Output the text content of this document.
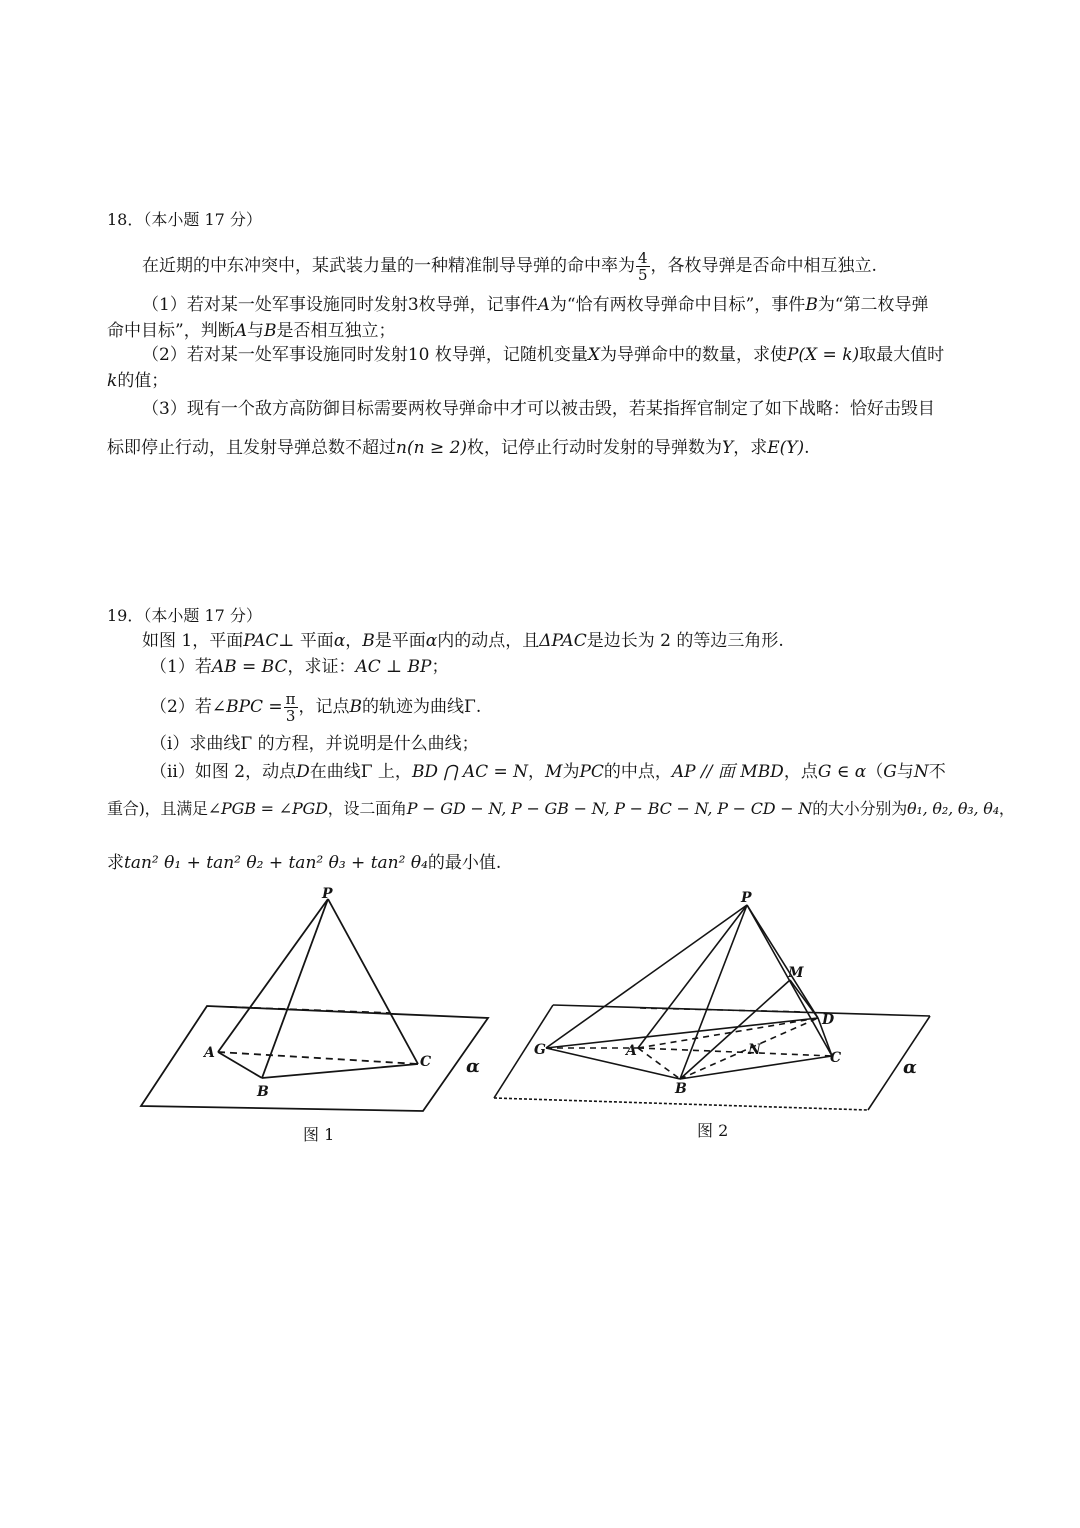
18．（本小题 17 分）
在近期的中东冲突中，某武装力量的一种精准制导导弹的命中率为 $\frac{4}{5}$ ，各枚导弹是否命中相互独立.
（1）若对某一处军事设施同时发射3枚导弹，记事件A为“恰有两枚导弹命中目标”，事件B为“第二枚导弹
命中目标”，判断A与B是否相互独立；
（2）若对某一处军事设施同时发射10 枚导弹，记随机变量X为导弹命中的数量，求使P(X = k)取最大值时
k的值；
（3）现有一个敌方高防御目标需要两枚导弹命中才可以被击毁，若某指挥官制定了如下战略：恰好击毁目
标即停止行动，且发射导弹总数不超过n(n ≥ 2)枚，记停止行动时发射的导弹数为Y，求E(Y).
19．（本小题 17 分）
如图 1，平面PAC⊥ 平面α，B是平面α内的动点，且ΔPAC是边长为 2 的等边三角形.
（1）若AB = BC，求证：AC ⊥ BP；
（2）若∠BPC = $\frac{\pi}{3}$ ，记点B的轨迹为曲线Γ.
（i）求曲线Γ 的方程，并说明是什么曲线；
（ii）如图 2，动点D在曲线Γ 上，BD ⋂ AC = N，M为PC的中点，AP // 面 MBD，点G ∈ α（G与N不
重合)，且满足∠PGB = ∠PGD，设二面角P − GD − N, P − GB − N, P − BC − N, P − CD − N的大小分别为θ₁, θ₂, θ₃, θ₄，
求tan² θ₁ + tan² θ₂ + tan² θ₃ + tan² θ₄的最小值.
P
A
B
C α
图 1
P
M
D
G	A	N
B
C	α
图 2
